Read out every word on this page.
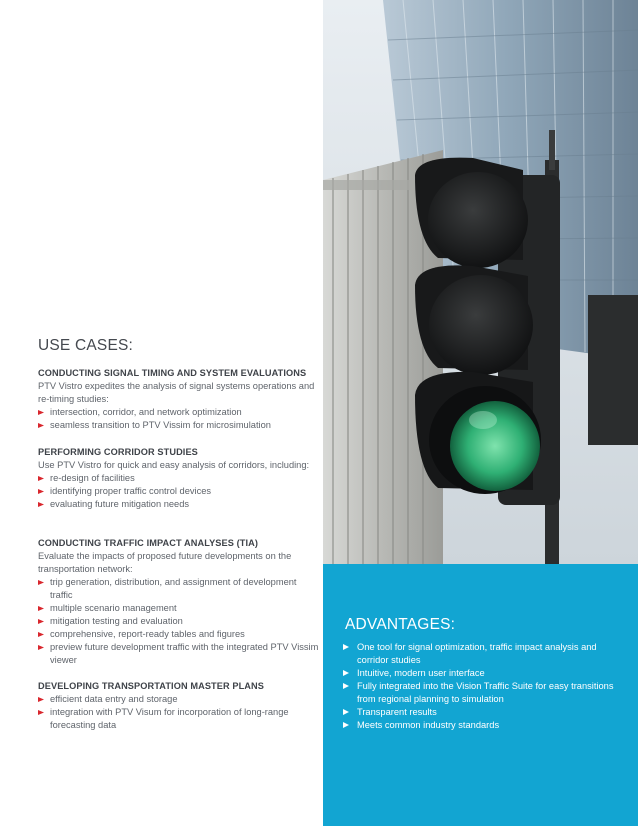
ADVANTAGES:
One tool for signal optimization, traffic impact analysis and corridor studies
Intuitive, modern user interface
Fully integrated into the Vision Traffic Suite for easy transitions from regional planning to simulation
Transparent results
Meets common industry standards
USE CASES:

CONDUCTING SIGNAL TIMING AND SYSTEM EVALUATIONS

PTV Vistro expedites the analysis of signal systems operations and re-timing studies:

intersection, corridor, and network optimization
seamless transition to PTV Vissim for microsimulation

PERFORMING CORRIDOR STUDIES

Use PTV Vistro for quick and easy analysis of corridors, including:

re-design of facilities
identifying proper traffic control devices
evaluating future mitigation needs

CONDUCTING TRAFFIC IMPACT ANALYSES (TIA)

Evaluate the impacts of proposed future developments on the transportation network:

trip generation, distribution, and assignment of development traffic
multiple scenario management
mitigation testing and evaluation
comprehensive, report-ready tables and figures
preview future development traffic with the integrated PTV Vissim viewer

DEVELOPING TRANSPORTATION MASTER PLANS

efficient data entry and storage
integration with PTV Visum for incorporation of long-range forecasting data
